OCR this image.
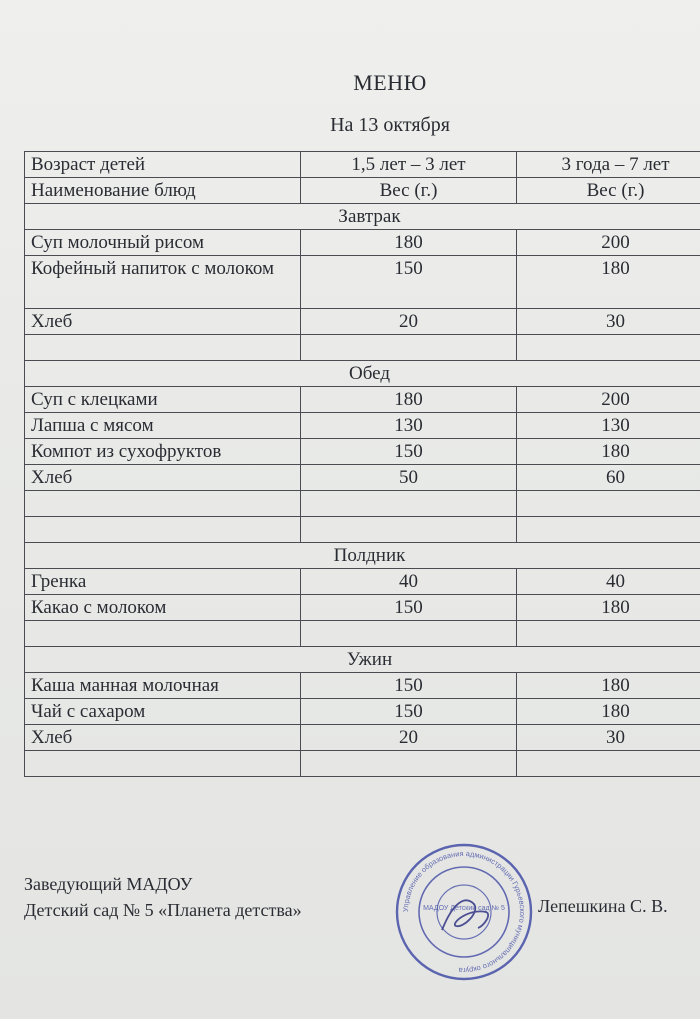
МЕНЮ
На 13 октября
Возраст детей	1,5 лет – 3 лет	3 года – 7 лет
Наименование блюд	Вес (г.)	Вес (г.)
Завтрак		
Суп молочный рисом	180	200
Кофейный напиток с молоком	150	180
Хлеб	20	30

Обед		
Суп с клецками	180	200
Лапша с мясом	130	130
Компот из сухофруктов	150	180
Хлеб	50	60

Полдник		
Гренка	40	40
Какао с молоком	150	180

Ужин		
Каша манная молочная	150	180
Чай с сахаром	150	180
Хлеб	20	30

Заведующий МАДОУ
Детский сад № 5 «Планета детства»	Управление образования администрации Гурьевского муниципального округа
МАДОУ Детский сад № 5 Лепешкина С. В.
